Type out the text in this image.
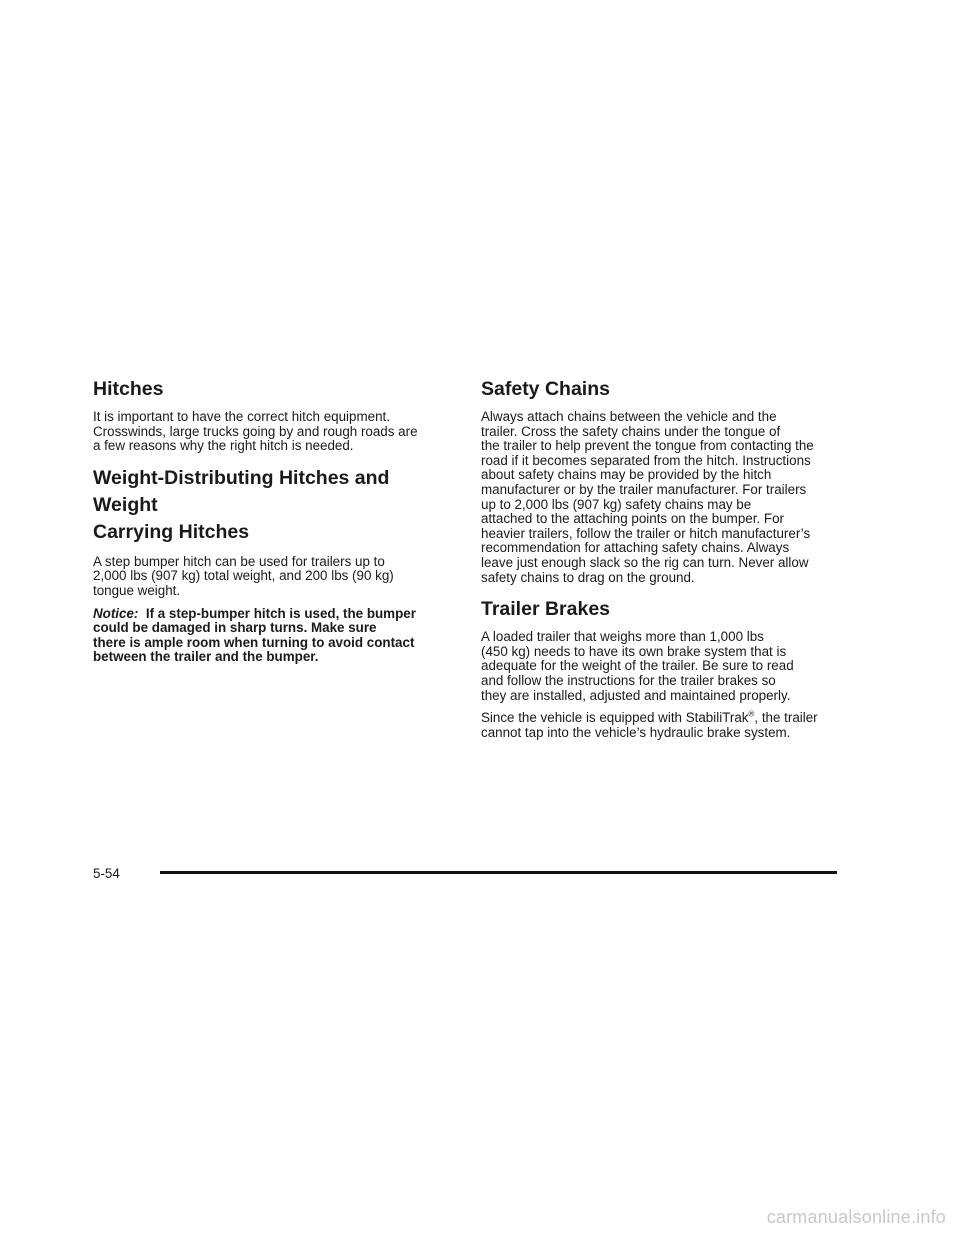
Hitches

It is important to have the correct hitch equipment.
Crosswinds, large trucks going by and rough roads are
a few reasons why the right hitch is needed.

Weight-Distributing Hitches and Weight
Carrying Hitches

A step bumper hitch can be used for trailers up to
2,000 lbs (907 kg) total weight, and 200 lbs (90 kg)
tongue weight.

Notice: If a step-bumper hitch is used, the bumper
could be damaged in sharp turns. Make sure
there is ample room when turning to avoid contact
between the trailer and the bumper.

Safety Chains

Always attach chains between the vehicle and the
trailer. Cross the safety chains under the tongue of
the trailer to help prevent the tongue from contacting the
road if it becomes separated from the hitch. Instructions
about safety chains may be provided by the hitch
manufacturer or by the trailer manufacturer. For trailers
up to 2,000 lbs (907 kg) safety chains may be
attached to the attaching points on the bumper. For
heavier trailers, follow the trailer or hitch manufacturer’s
recommendation for attaching safety chains. Always
leave just enough slack so the rig can turn. Never allow
safety chains to drag on the ground.

Trailer Brakes

A loaded trailer that weighs more than 1,000 lbs
(450 kg) needs to have its own brake system that is
adequate for the weight of the trailer. Be sure to read
and follow the instructions for the trailer brakes so
they are installed, adjusted and maintained properly.

Since the vehicle is equipped with StabiliTrak®, the trailer
cannot tap into the vehicle’s hydraulic brake system.

5-54
carmanualsonline.info
